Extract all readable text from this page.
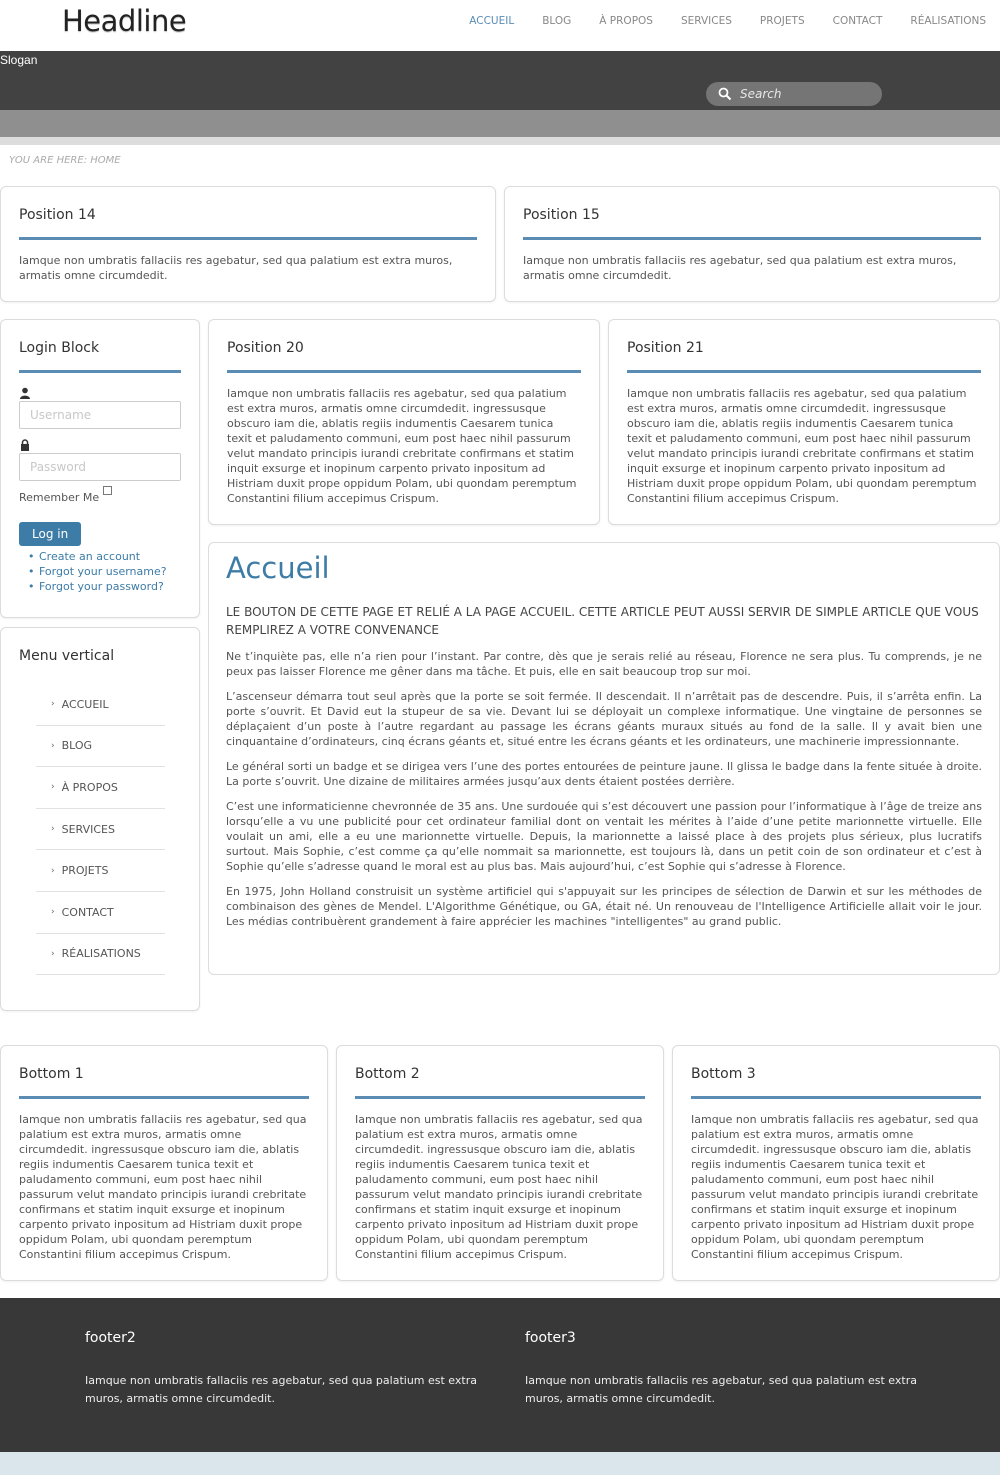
Headline	ACCUEIL	BLOG	À PROPOS	SERVICES	PROJETS	CONTACT	RÉALISATIONS
Slogan
Search
YOU ARE HERE: HOME
Position 14

Iamque non umbratis fallaciis res agebatur, sed qua palatium est extra muros, armatis omne circumdedit.

Position 15

Iamque non umbratis fallaciis res agebatur, sed qua palatium est extra muros, armatis omne circumdedit.

Login Block
Username
Remember Me
Log in
• Create an account
• Forgot your username?
• Forgot your password?
Menu vertical
› ACCUEIL
› BLOG
› À PROPOS
› SERVICES
› PROJETS
› CONTACT
› RÉALISATIONS
Position 20

Iamque non umbratis fallaciis res agebatur, sed qua palatium est extra muros, armatis omne circumdedit. ingressusque obscuro iam die, ablatis regiis indumentis Caesarem tunica texit et paludamento communi, eum post haec nihil passurum velut mandato principis iurandi crebritate confirmans et statim inquit exsurge et inopinum carpento privato inpositum ad Histriam duxit prope oppidum Polam, ubi quondam peremptum Constantini filium accepimus Crispum.

Position 21

Iamque non umbratis fallaciis res agebatur, sed qua palatium est extra muros, armatis omne circumdedit. ingressusque obscuro iam die, ablatis regiis indumentis Caesarem tunica texit et paludamento communi, eum post haec nihil passurum velut mandato principis iurandi crebritate confirmans et statim inquit exsurge et inopinum carpento privato inpositum ad Histriam duxit prope oppidum Polam, ubi quondam peremptum Constantini filium accepimus Crispum.

Accueil
LE BOUTON DE CETTE PAGE ET RELIÉ A LA PAGE ACCUEIL. CETTE ARTICLE PEUT AUSSI SERVIR DE SIMPLE ARTICLE QUE VOUS REMPLIREZ A VOTRE CONVENANCE

Ne t’inquiète pas, elle n’a rien pour l’instant. Par contre, dès que je serais relié au réseau, Florence ne sera plus. Tu comprends, je ne peux pas laisser Florence me gêner dans ma tâche. Et puis, elle en sait beaucoup trop sur moi.

L’ascenseur démarra tout seul après que la porte se soit fermée. Il descendait. Il n’arrêtait pas de descendre. Puis, il s’arrêta enfin. La porte s’ouvrit. Et David eut la stupeur de sa vie. Devant lui se déployait un complexe informatique. Une vingtaine de personnes se déplaçaient d’un poste à l’autre regardant au passage les écrans géants muraux situés au fond de la salle. Il y avait bien une cinquantaine d’ordinateurs, cinq écrans géants et, situé entre les écrans géants et les ordinateurs, une machinerie impressionnante.

Le général sorti un badge et se dirigea vers l’une des portes entourées de peinture jaune. Il glissa le badge dans la fente située à droite. La porte s’ouvrit. Une dizaine de militaires armées jusqu’aux dents étaient postées derrière.

C’est une informaticienne chevronnée de 35 ans. Une surdouée qui s’est découvert une passion pour l’informatique à l’âge de treize ans lorsqu’elle a vu une publicité pour cet ordinateur familial dont on ventait les mérites à l’aide d’une petite marionnette virtuelle. Elle voulait un ami, elle a eu une marionnette virtuelle. Depuis, la marionnette a laissé place à des projets plus sérieux, plus lucratifs surtout. Mais Sophie, c’est comme ça qu’elle nommait sa marionnette, est toujours là, dans un petit coin de son ordinateur et c’est à Sophie qu’elle s’adresse quand le moral est au plus bas. Mais aujourd’hui, c’est Sophie qui s’adresse à Florence.

En 1975, John Holland construisit un système artificiel qui s'appuyait sur les principes de sélection de Darwin et sur les méthodes de combinaison des gènes de Mendel. L'Algorithme Génétique, ou GA, était né. Un renouveau de l'Intelligence Artificielle allait voir le jour. Les médias contribuèrent grandement à faire apprécier les machines "intelligentes" au grand public.

Bottom 1

Iamque non umbratis fallaciis res agebatur, sed qua palatium est extra muros, armatis omne circumdedit. ingressusque obscuro iam die, ablatis regiis indumentis Caesarem tunica texit et paludamento communi, eum post haec nihil passurum velut mandato principis iurandi crebritate confirmans et statim inquit exsurge et inopinum carpento privato inpositum ad Histriam duxit prope oppidum Polam, ubi quondam peremptum Constantini filium accepimus Crispum.

Bottom 2

Iamque non umbratis fallaciis res agebatur, sed qua palatium est extra muros, armatis omne circumdedit. ingressusque obscuro iam die, ablatis regiis indumentis Caesarem tunica texit et paludamento communi, eum post haec nihil passurum velut mandato principis iurandi crebritate confirmans et statim inquit exsurge et inopinum carpento privato inpositum ad Histriam duxit prope oppidum Polam, ubi quondam peremptum Constantini filium accepimus Crispum.

Bottom 3

Iamque non umbratis fallaciis res agebatur, sed qua palatium est extra muros, armatis omne circumdedit. ingressusque obscuro iam die, ablatis regiis indumentis Caesarem tunica texit et paludamento communi, eum post haec nihil passurum velut mandato principis iurandi crebritate confirmans et statim inquit exsurge et inopinum carpento privato inpositum ad Histriam duxit prope oppidum Polam, ubi quondam peremptum Constantini filium accepimus Crispum.

footer2

Iamque non umbratis fallaciis res agebatur, sed qua palatium est extra muros, armatis omne circumdedit.

footer3

Iamque non umbratis fallaciis res agebatur, sed qua palatium est extra muros, armatis omne circumdedit.
